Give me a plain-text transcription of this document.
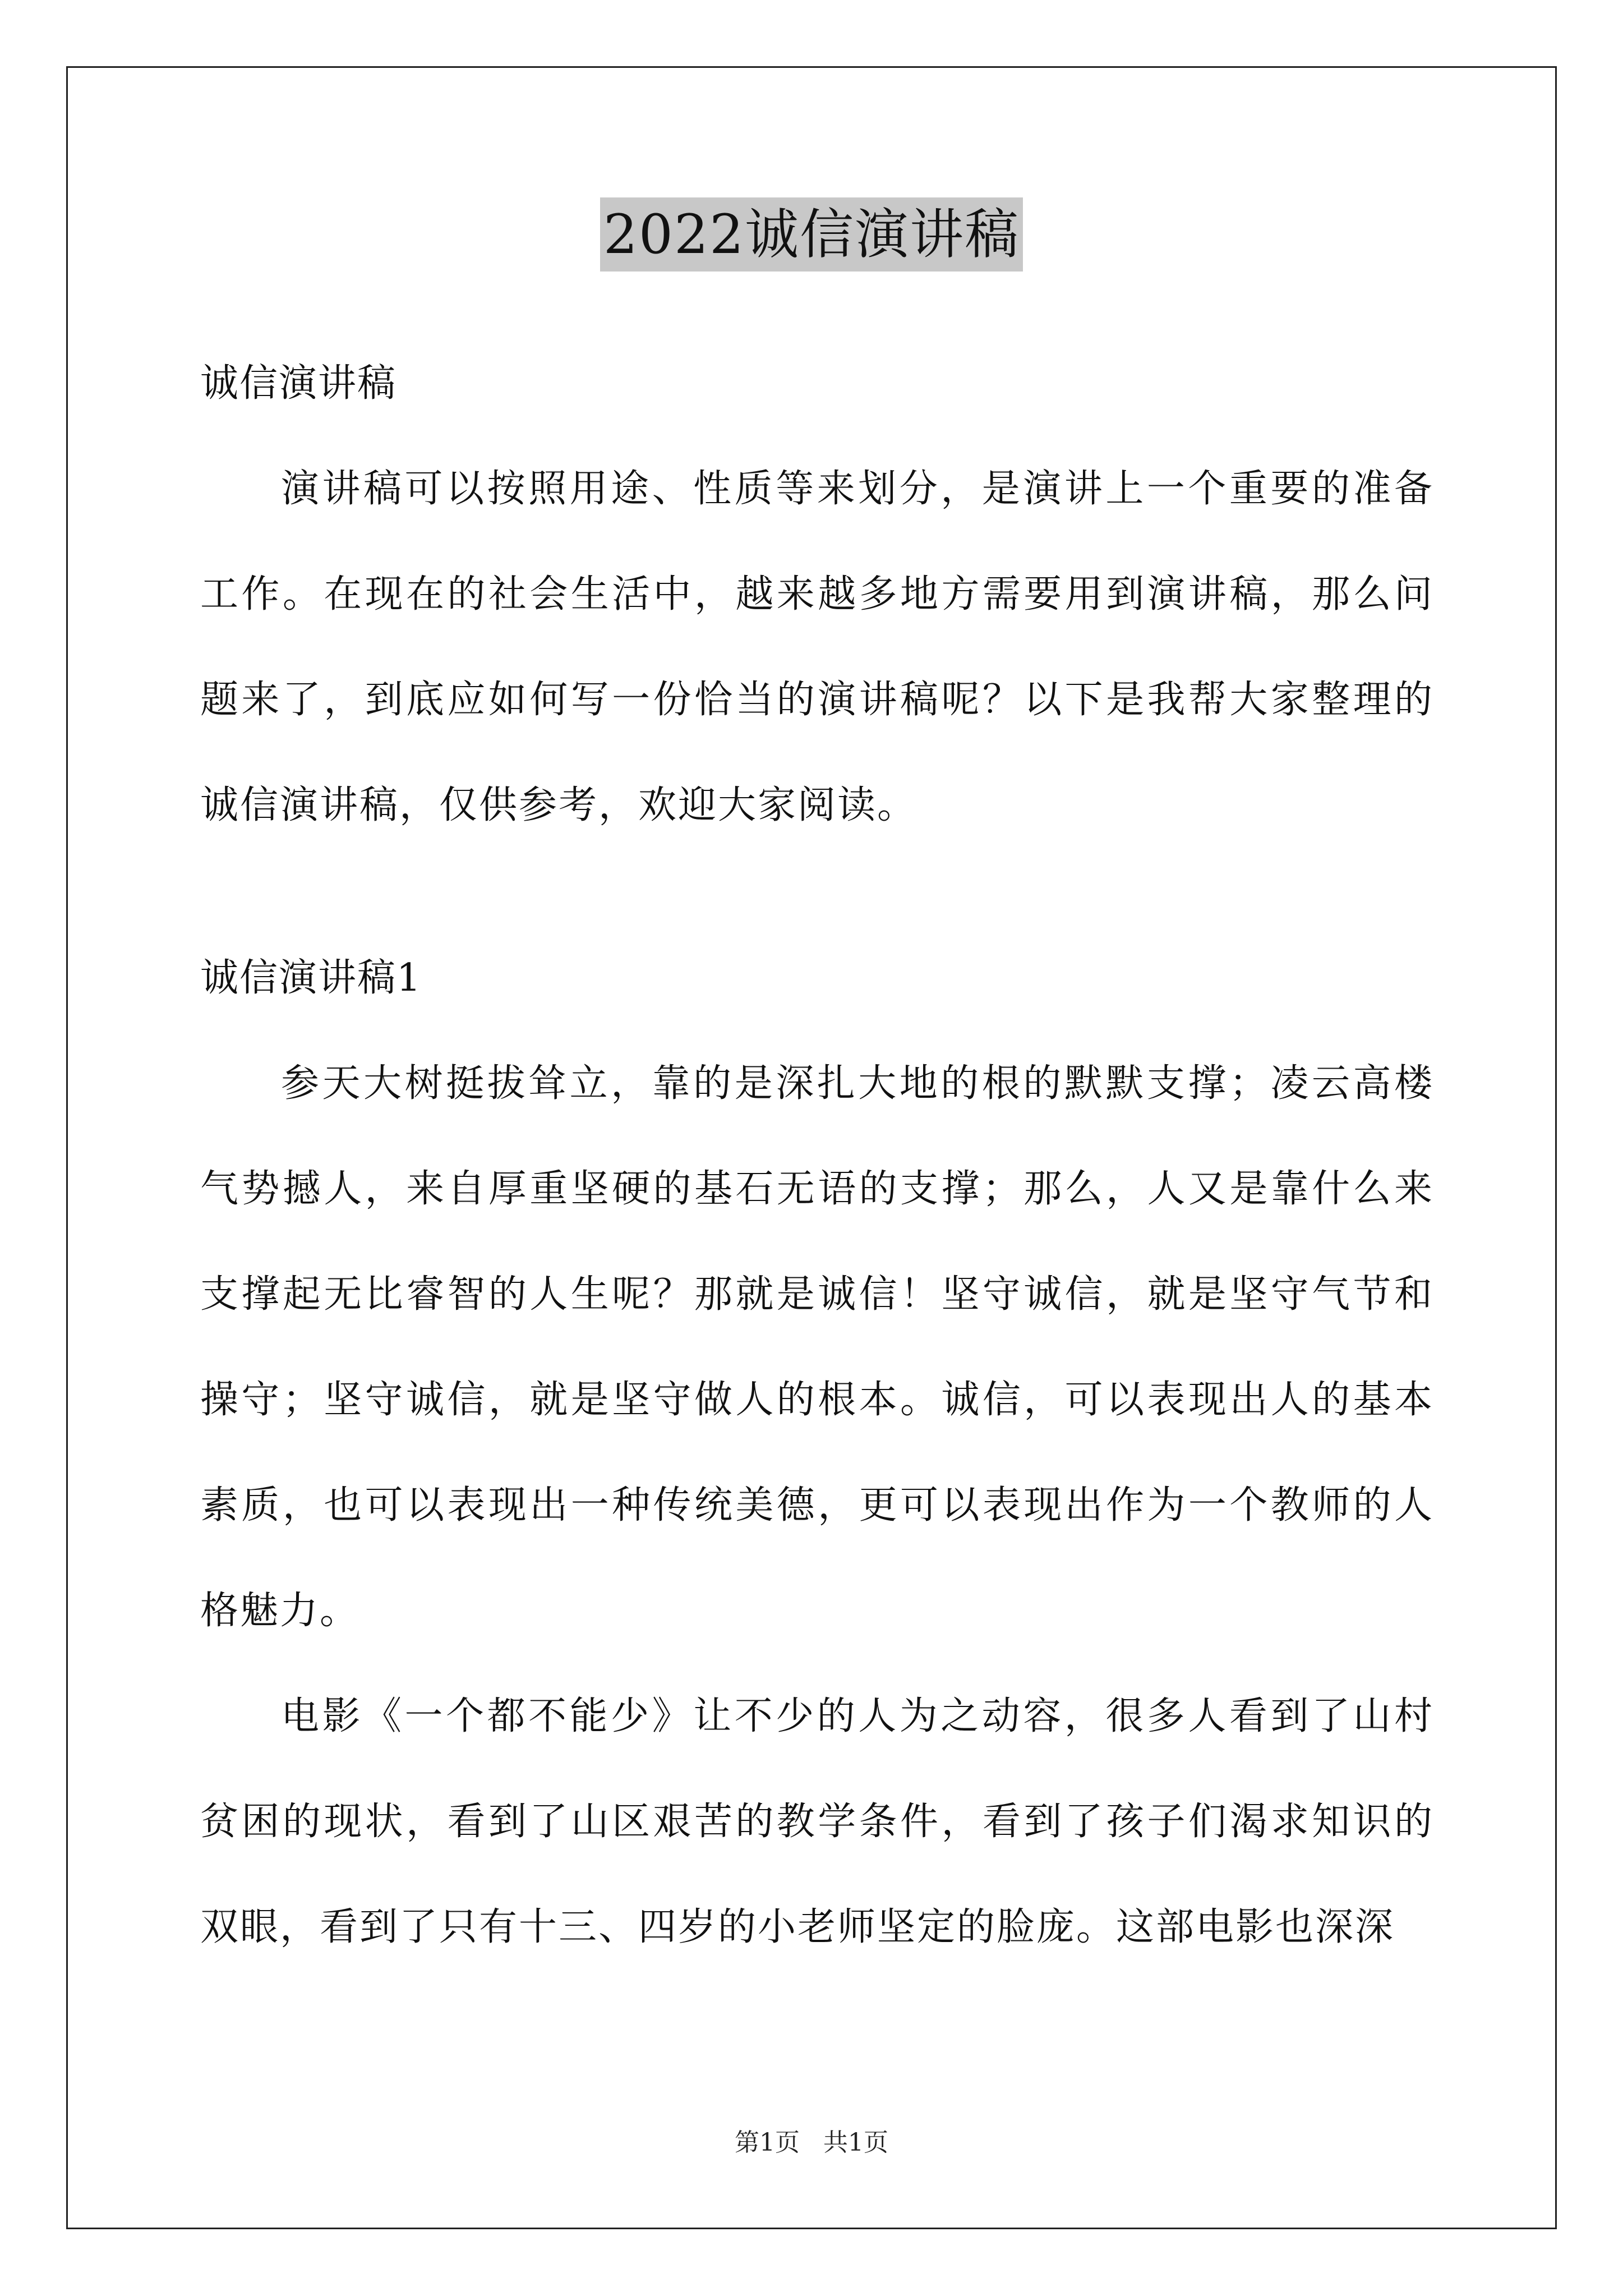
2022诚信演讲稿

诚信演讲稿

演讲稿可以按照用途、性质等来划分，是演讲上一个重要的准备工作。在现在的社会生活中，越来越多地方需要用到演讲稿，那么问题来了，到底应如何写一份恰当的演讲稿呢？以下是我帮大家整理的诚信演讲稿，仅供参考，欢迎大家阅读。

诚信演讲稿1

参天大树挺拔耸立，靠的是深扎大地的根的默默支撑；凌云高楼气势撼人，来自厚重坚硬的基石无语的支撑；那么，人又是靠什么来支撑起无比睿智的人生呢？那就是诚信！坚守诚信，就是坚守气节和操守；坚守诚信，就是坚守做人的根本。诚信，可以表现出人的基本素质，也可以表现出一种传统美德，更可以表现出作为一个教师的人格魅力。

电影《一个都不能少》让不少的人为之动容，很多人看到了山村贫困的现状，看到了山区艰苦的教学条件，看到了孩子们渴求知识的双眼，看到了只有十三、四岁的小老师坚定的脸庞。这部电影也深深

第1页   共1页
